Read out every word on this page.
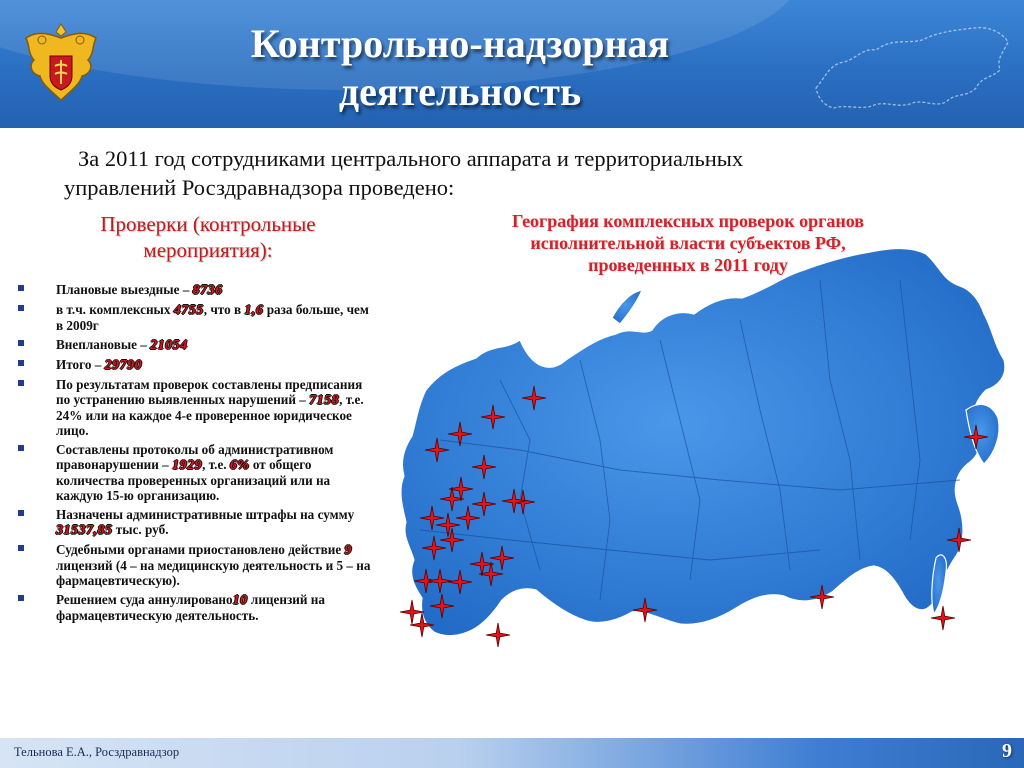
Контрольно-надзорная
деятельность
За 2011 год сотрудниками центрального аппарата и территориальных
управлений Росздравнадзора проведено:
Проверки (контрольные
мероприятия):
Плановые выездные – 8736
в т.ч. комплексных 4755, что в 1,6 раза больше, чем в 2009г
Внеплановые – 21054
Итого – 29790
По результатам проверок составлены предписания по устранению выявленных нарушений – 7158, т.е. 24% или на каждое 4-е проверенное юридическое лицо.
Составлены протоколы об административном правонарушении – 1929, т.е. 6% от общего количества проверенных организаций или на каждую 15-ю организацию.
Назначены административные штрафы на сумму 31537,85 тыс. руб.
Судебными органами приостановлено действие 9 лицензий (4 – на медицинскую деятельность и 5 – на фармацевтическую).
Решением суда аннулировано10 лицензий на фармацевтическую деятельность.
География комплексных проверок органов
исполнительной власти субъектов РФ,
проведенных в 2011 году
Тельнова Е.А., Росздравнадзор	9
